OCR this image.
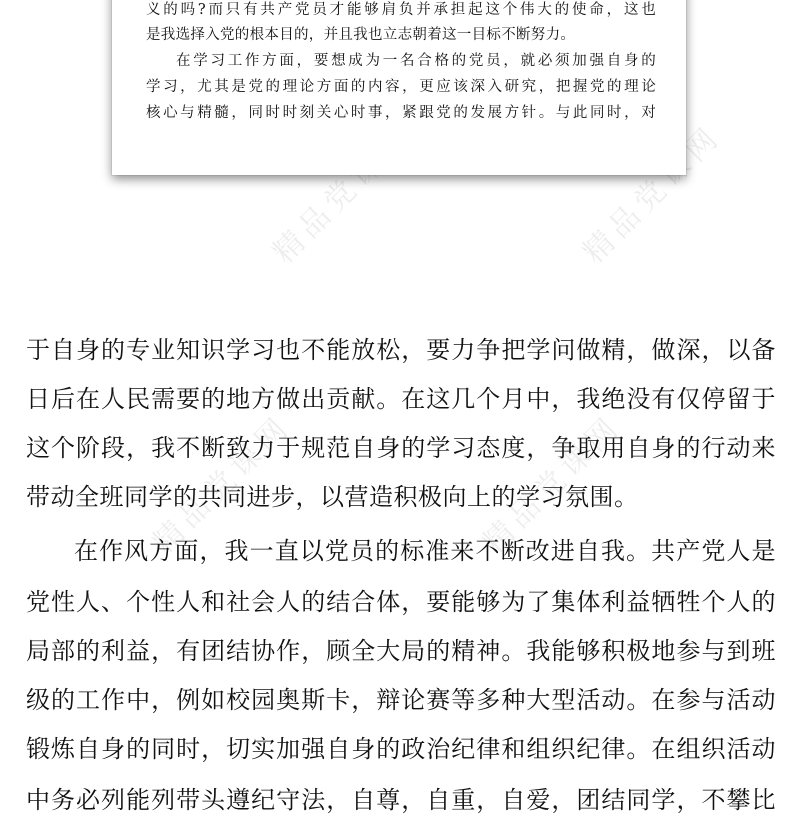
精品党课网	精品党课网
精品党课网	精品党课网
义的吗?而只有共产党员才能够肩负并承担起这个伟大的使命，这也
是我选择入党的根本目的，并且我也立志朝着这一目标不断努力。
在学习工作方面，要想成为一名合格的党员，就必须加强自身的
学习，尤其是党的理论方面的内容，更应该深入研究，把握党的理论
核心与精髓，同时时刻关心时事，紧跟党的发展方针。与此同时，对
于自身的专业知识学习也不能放松，要力争把学问做精，做深，以备
日后在人民需要的地方做出贡献。在这几个月中，我绝没有仅停留于
这个阶段，我不断致力于规范自身的学习态度，争取用自身的行动来
带动全班同学的共同进步，以营造积极向上的学习氛围。
在作风方面，我一直以党员的标准来不断改进自我。共产党人是
党性人、个性人和社会人的结合体，要能够为了集体利益牺牲个人的
局部的利益，有团结协作，顾全大局的精神。我能够积极地参与到班
级的工作中，例如校园奥斯卡，辩论赛等多种大型活动。在参与活动
锻炼自身的同时，切实加强自身的政治纪律和组织纪律。在组织活动
中务必列能列带头遵纪守法，自尊，自重，自爱，团结同学，不攀比
